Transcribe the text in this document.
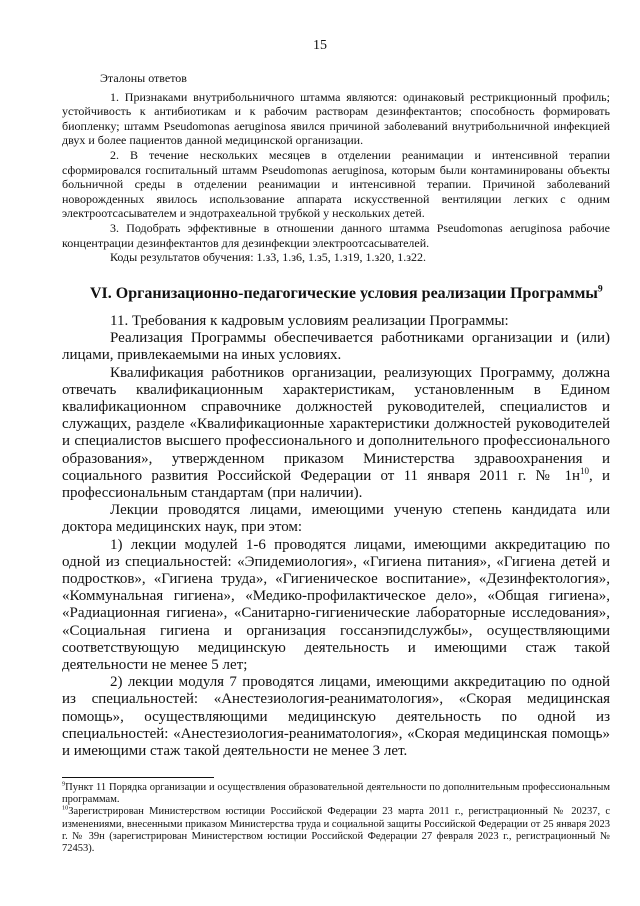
15

Эталоны ответов

1. Признаками внутрибольничного штамма являются: одинаковый рестрикционный профиль; устойчивость к антибиотикам и к рабочим растворам дезинфектантов; способность формировать биопленку; штамм Pseudomonas aeruginosa явился причиной заболеваний внутрибольничной инфекцией двух и более пациентов данной медицинской организации.

2. В течение нескольких месяцев в отделении реанимации и интенсивной терапии сформировался госпитальный штамм Pseudomonas aeruginosa, которым были контаминированы объекты больничной среды в отделении реанимации и интенсивной терапии. Причиной заболеваний новорожденных явилось использование аппарата искусственной вентиляции легких с одним электроотсасывателем и эндотрахеальной трубкой у нескольких детей.

3. Подобрать эффективные в отношении данного штамма Pseudomonas aeruginosa рабочие концентрации дезинфектантов для дезинфекции электроотсасывателей.

Коды результатов обучения: 1.з3, 1.з6, 1.з5, 1.з19, 1.з20, 1.з22.

VI. Организационно-педагогические условия реализации Программы$^9$

11. Требования к кадровым условиям реализации Программы:

Реализация Программы обеспечивается работниками организации и (или) лицами, привлекаемыми на иных условиях.

Квалификация работников организации, реализующих Программу, должна отвечать квалификационным характеристикам, установленным в Едином квалификационном справочнике должностей руководителей, специалистов и служащих, разделе «Квалификационные характеристики должностей руководителей и специалистов высшего профессионального и дополнительного профессионального образования», утвержденном приказом Министерства здравоохранения и социального развития Российской Федерации от 11 января 2011 г. № $1н^{10}$, и профессиональным стандартам (при наличии).

Лекции проводятся лицами, имеющими ученую степень кандидата или доктора медицинских наук, при этом:

1) лекции модулей 1-6 проводятся лицами, имеющими аккредитацию по одной из специальностей: «Эпидемиология», «Гигиена питания», «Гигиена детей и подростков», «Гигиена труда», «Гигиеническое воспитание», «Дезинфектология», «Коммунальная гигиена», «Медико-профилактическое дело», «Общая гигиена», «Радиационная гигиена», «Санитарно-гигиенические лабораторные исследования», «Социальная гигиена и организация госсанэпидслужбы», осуществляющими соответствующую медицинскую деятельность и имеющими стаж такой деятельности не менее 5 лет;

2) лекции модуля 7 проводятся лицами, имеющими аккредитацию по одной из специальностей: «Анестезиология-реаниматология», «Скорая медицинская помощь», осуществляющими медицинскую деятельность по одной из специальностей: «Анестезиология-реаниматология», «Скорая медицинская помощь» и имеющими стаж такой деятельности не менее 3 лет.

$^9$Пункт 11 Порядка организации и осуществления образовательной деятельности по дополнительным профессиональным программам.

$^{10}$Зарегистрирован Министерством юстиции Российской Федерации 23 марта 2011 г., регистрационный № 20237, с изменениями, внесенными приказом Министерства труда и социальной защиты Российской Федерации от 25 января 2023 г. № 39н (зарегистрирован Министерством юстиции Российской Федерации 27 февраля 2023 г., регистрационный № 72453).
